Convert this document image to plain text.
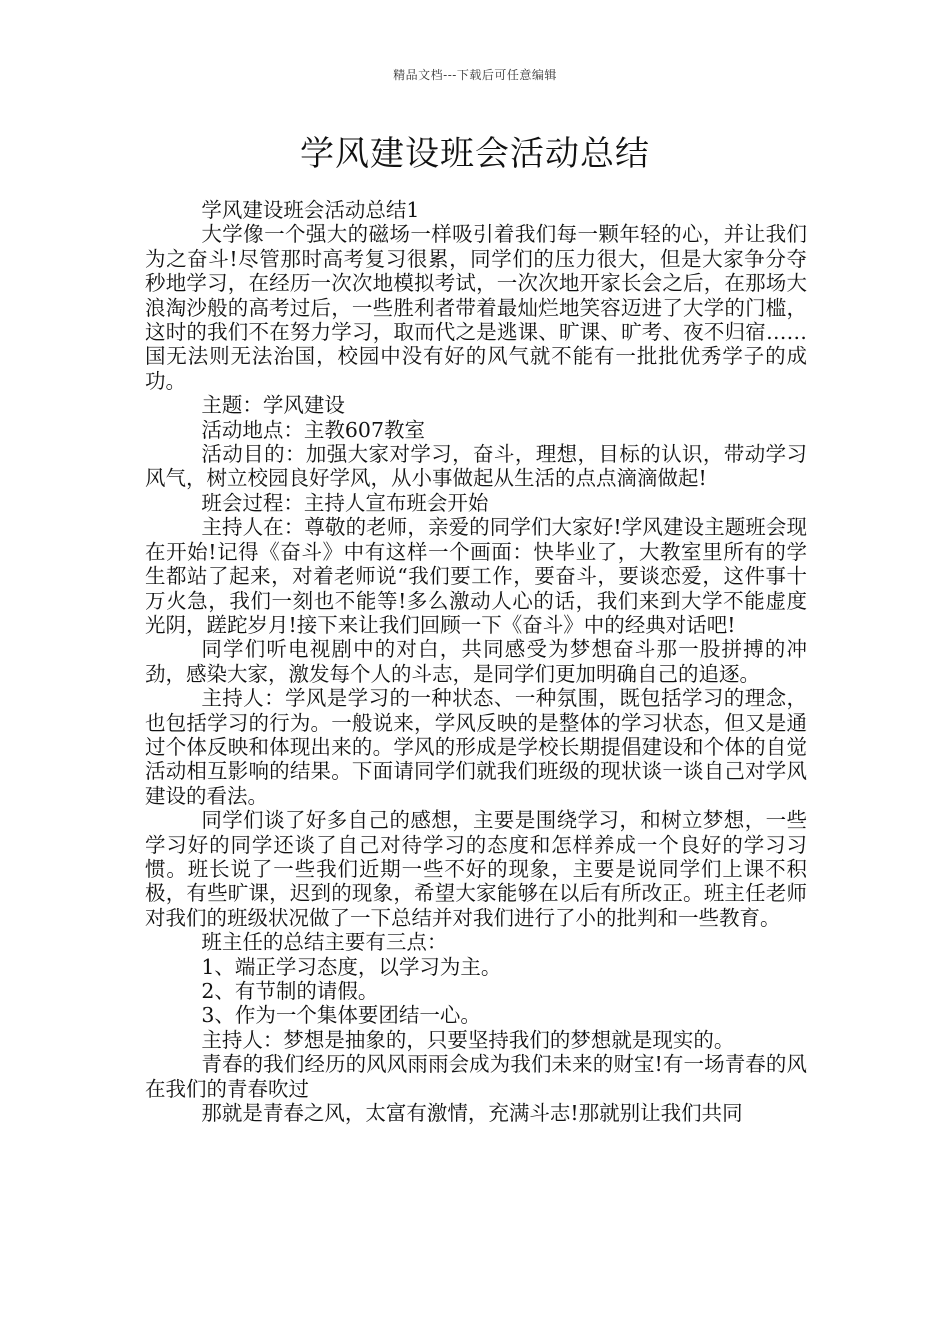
精品文档---下载后可任意编辑
学风建设班会活动总结

学风建设班会活动总结1

大学像一个强大的磁场一样吸引着我们每一颗年轻的心，并让我们为之奋斗!尽管那时高考复习很累，同学们的压力很大，但是大家争分夺秒地学习，在经历一次次地模拟考试，一次次地开家长会之后，在那场大浪淘沙般的高考过后，一些胜利者带着最灿烂地笑容迈进了大学的门槛，这时的我们不在努力学习，取而代之是逃课、旷课、旷考、夜不归宿……国无法则无法治国，校园中没有好的风气就不能有一批批优秀学子的成功。

主题：学风建设

活动地点：主教607教室

活动目的：加强大家对学习，奋斗，理想，目标的认识，带动学习风气，树立校园良好学风，从小事做起从生活的点点滴滴做起!

班会过程：主持人宣布班会开始

主持人在：尊敬的老师，亲爱的同学们大家好!学风建设主题班会现在开始!记得《奋斗》中有这样一个画面：快毕业了，大教室里所有的学生都站了起来，对着老师说“我们要工作，要奋斗，要谈恋爱，这件事十万火急，我们一刻也不能等!多么激动人心的话，我们来到大学不能虚度光阴，蹉跎岁月!接下来让我们回顾一下《奋斗》中的经典对话吧!

同学们听电视剧中的对白，共同感受为梦想奋斗那一股拼搏的冲劲，感染大家，激发每个人的斗志，是同学们更加明确自己的追逐。

主持人：学风是学习的一种状态、一种氛围，既包括学习的理念，也包括学习的行为。一般说来，学风反映的是整体的学习状态，但又是通过个体反映和体现出来的。学风的形成是学校长期提倡建设和个体的自觉活动相互影响的结果。下面请同学们就我们班级的现状谈一谈自己对学风建设的看法。

同学们谈了好多自己的感想，主要是围绕学习，和树立梦想，一些学习好的同学还谈了自己对待学习的态度和怎样养成一个良好的学习习惯。班长说了一些我们近期一些不好的现象，主要是说同学们上课不积极，有些旷课，迟到的现象，希望大家能够在以后有所改正。班主任老师对我们的班级状况做了一下总结并对我们进行了小的批判和一些教育。

班主任的总结主要有三点：

1、端正学习态度，以学习为主。

2、有节制的请假。

3、作为一个集体要团结一心。

主持人：梦想是抽象的，只要坚持我们的梦想就是现实的。

青春的我们经历的风风雨雨会成为我们未来的财宝!有一场青春的风在我们的青春吹过

那就是青春之风，太富有激情，充满斗志!那就别让我们共同
